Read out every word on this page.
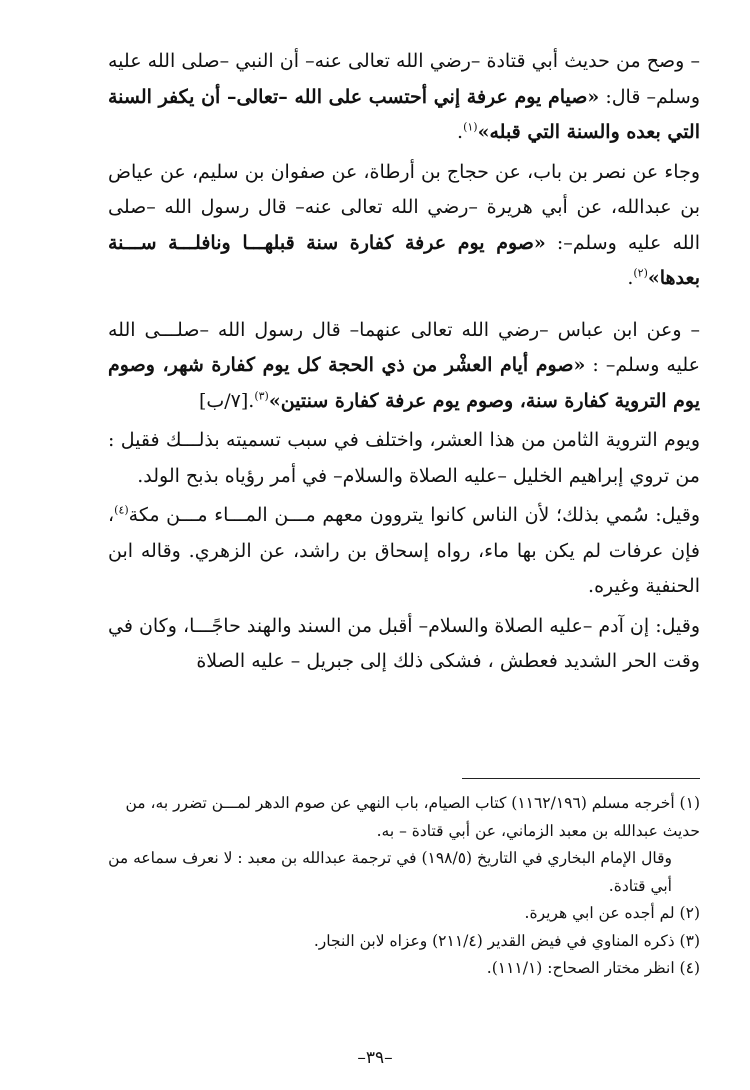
– وصح من حديث أبي قتادة –رضي الله تعالى عنه– أن النبي –صلى الله عليه وسلم– قال: «صيام يوم عرفة إني أحتسب على الله –تعالى– أن يكفر السنة التي بعده والسنة التي قبله»$^{(١)}$.

وجاء عن نصر بن باب، عن حجاج بن أرطاة، عن صفوان بن سليم، عن عياض بن عبدالله، عن أبي هريرة –رضي الله تعالى عنه– قال رسول الله –صلى الله عليه وسلم–: «صوم يوم عرفة كفارة سنة قبلهـــا ونافلـــة ســـنة بعدها»$^{(٢)}$.

– وعن ابن عباس –رضي الله تعالى عنهما– قال رسول الله –صلـــى الله عليه وسلم– : «صوم أيام العشْر من ذي الحجة كل يوم كفارة شهر، وصوم يوم التروية كفارة سنة، وصوم يوم عرفة كفارة سنتين»$^{(٣)}$.[٧/ب]

ويوم التروية الثامن من هذا العشر، واختلف في سبب تسميته بذلـــك فقيل : من تروي إبراهيم الخليل –عليه الصلاة والسلام– في أمر رؤياه بذبح الولد.

وقيل: سُمي بذلك؛ لأن الناس كانوا يتروون معهم مـــن المـــاء مـــن مكة$^{(٤)}$، فإن عرفات لم يكن بها ماء، رواه إسحاق بن راشد، عن الزهري. وقاله ابن الحنفية وغيره.

وقيل: إن آدم –عليه الصلاة والسلام– أقبل من السند والهند حاجًـــا، وكان في وقت الحر الشديد فعطش ، فشكى ذلك إلى جبريل – عليه الصلاة

(١) أخرجه مسلم (١١٦٢/١٩٦) كتاب الصيام، باب النهي عن صوم الدهر لمـــن تضرر به، من حديث عبدالله بن معبد الزماني، عن أبي قتادة – به.

وقال الإمام البخاري في التاريخ (١٩٨/٥) في ترجمة عبدالله بن معبد : لا نعرف سماعه من أبي قتادة.

(٢) لم أجده عن ابي هريرة.

(٣) ذكره المناوي في فيض القدير (٢١١/٤) وعزاه لابن النجار.

(٤) انظر مختار الصحاح: (١١١/١).

–٣٩–
